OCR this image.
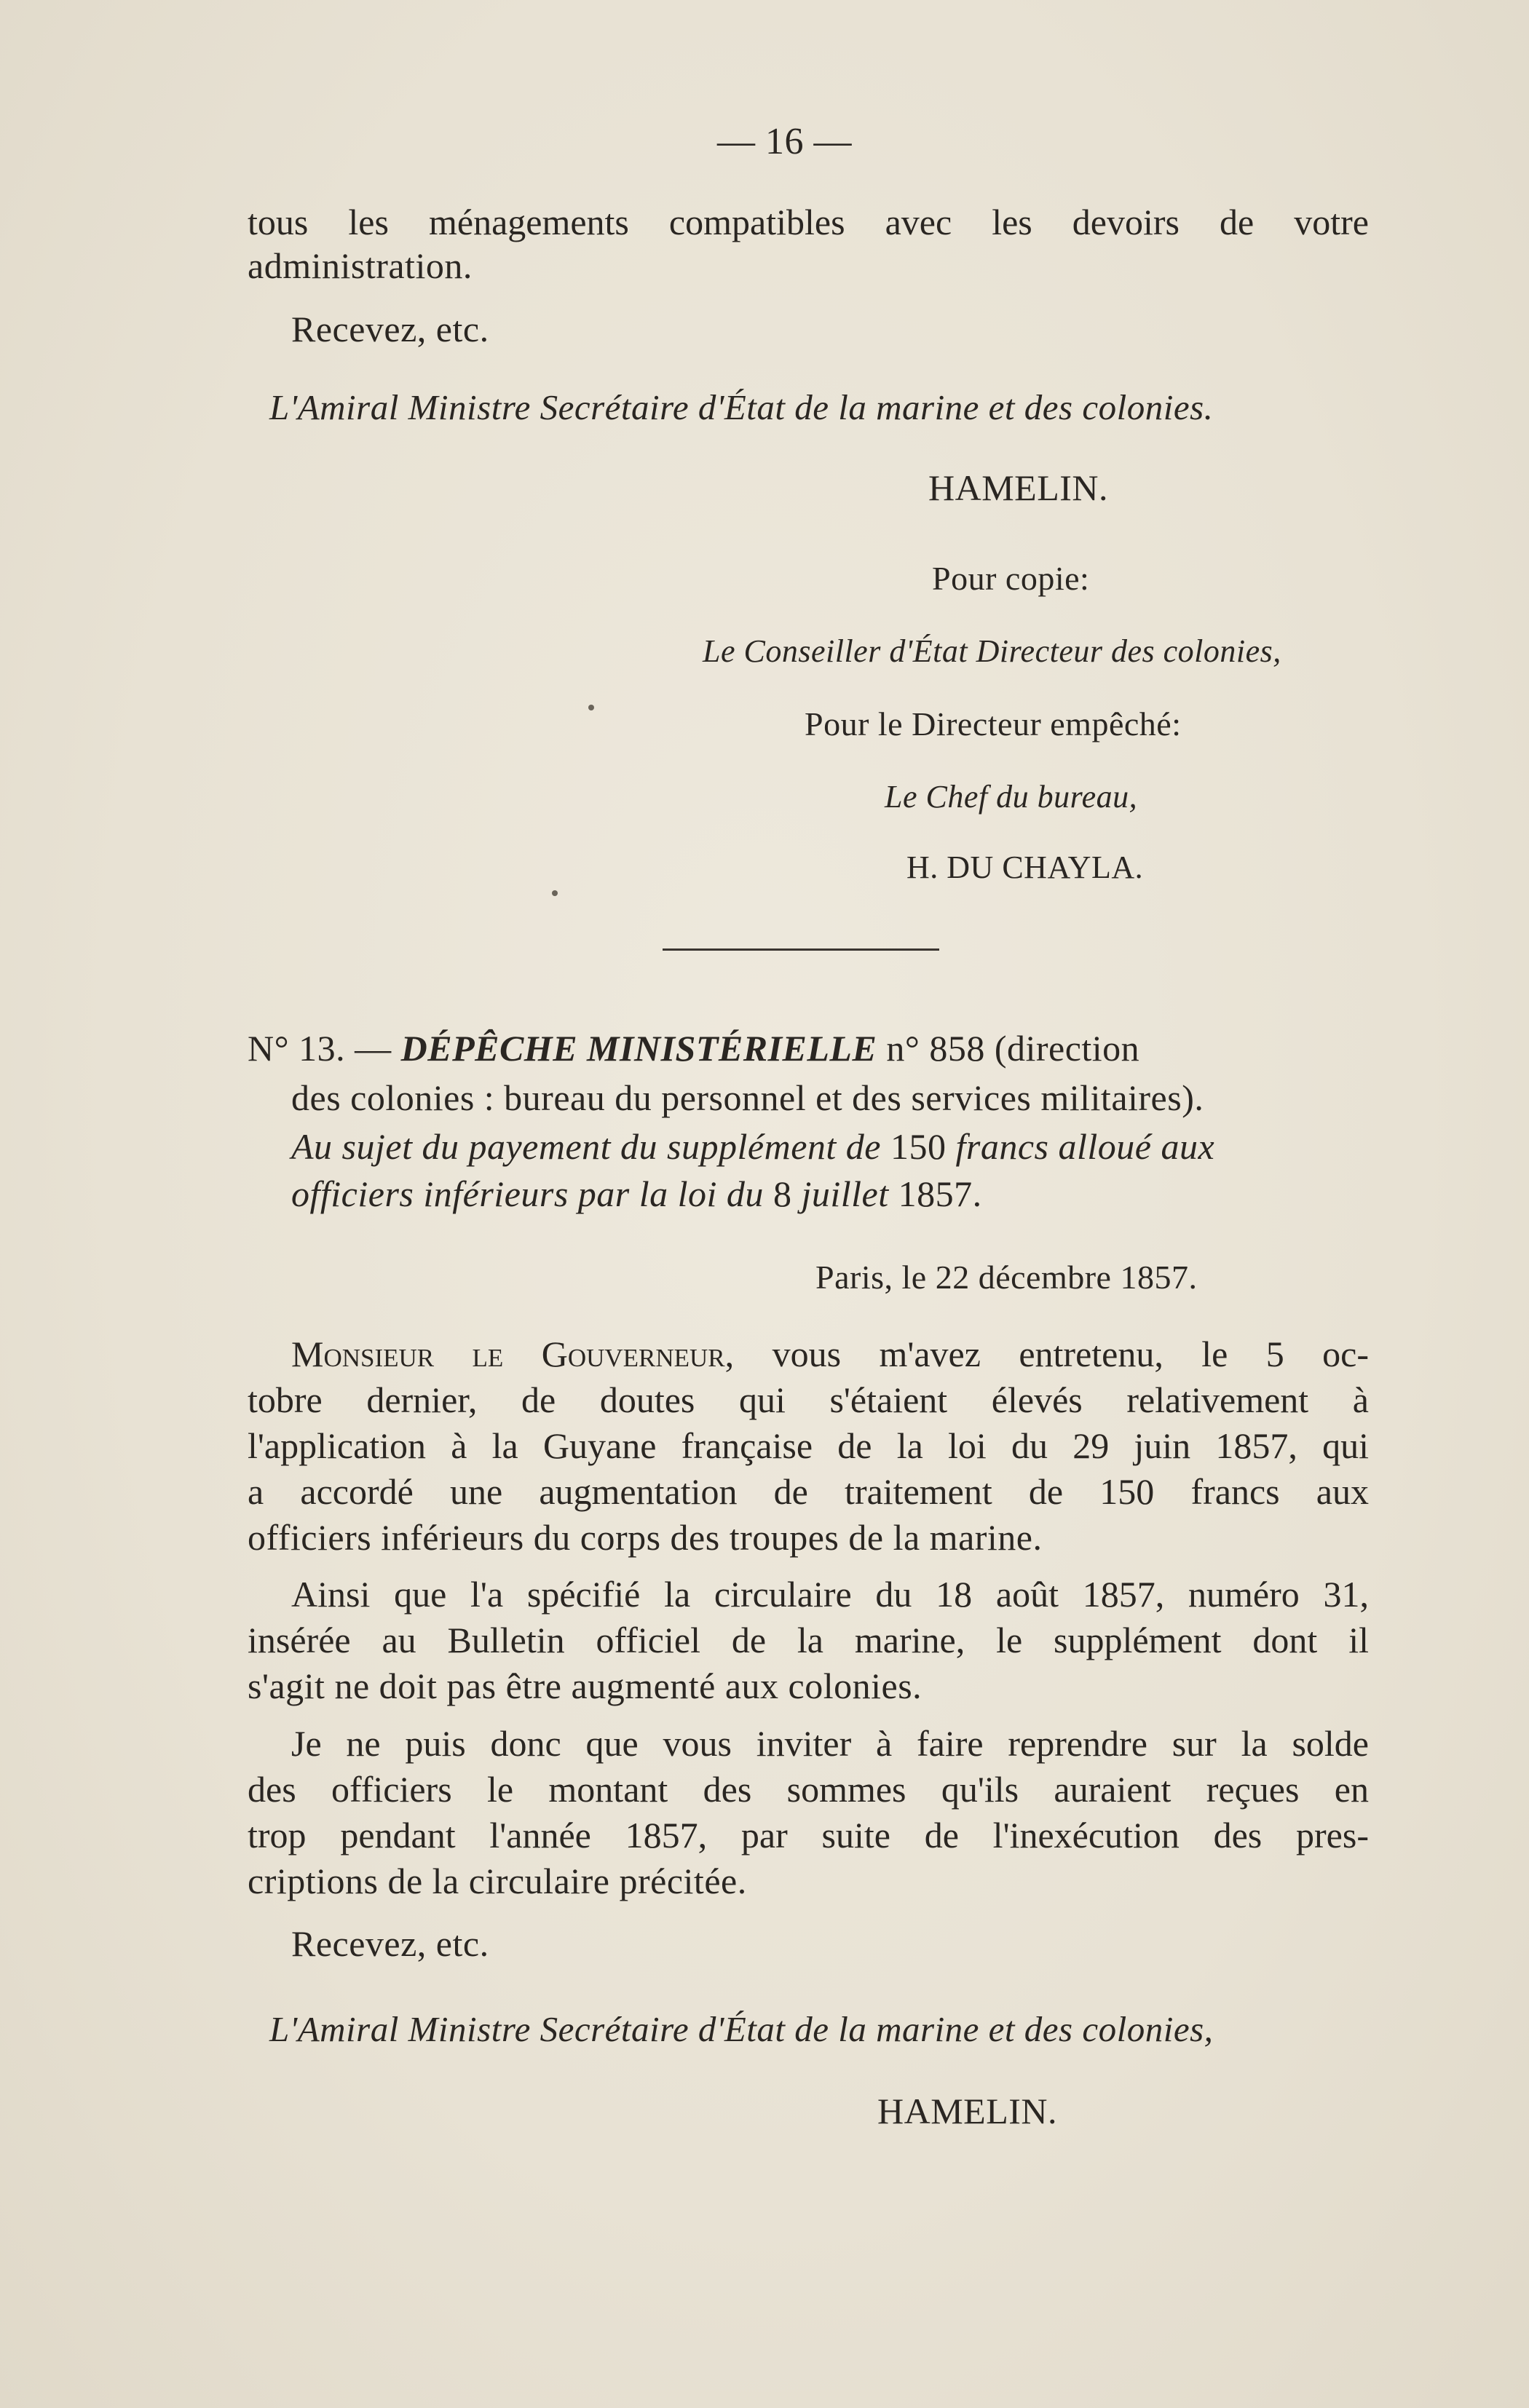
— 16 —
tous les ménagements compatibles avec les devoirs de votre
administration.
Recevez, etc.
L'Amiral Ministre Secrétaire d'État de la marine et des colonies.
HAMELIN.
Pour copie:
Le Conseiller d'État Directeur des colonies,
Pour le Directeur empêché:
Le Chef du bureau,
H. DU CHAYLA.
N° 13. — DÉPÊCHE MINISTÉRIELLE n° 858 (direction
des colonies : bureau du personnel et des services militaires).
Au sujet du payement du supplément de 150 francs alloué aux
officiers inférieurs par la loi du 8 juillet 1857.
Paris, le 22 décembre 1857.
Monsieur le Gouverneur, vous m'avez entretenu, le 5 oc-
tobre dernier, de doutes qui s'étaient élevés relativement à
l'application à la Guyane française de la loi du 29 juin 1857, qui
a accordé une augmentation de traitement de 150 francs aux
officiers inférieurs du corps des troupes de la marine.
Ainsi que l'a spécifié la circulaire du 18 août 1857, numéro 31,
insérée au Bulletin officiel de la marine, le supplément dont il
s'agit ne doit pas être augmenté aux colonies.
Je ne puis donc que vous inviter à faire reprendre sur la solde
des officiers le montant des sommes qu'ils auraient reçues en
trop pendant l'année 1857, par suite de l'inexécution des pres-
criptions de la circulaire précitée.
Recevez, etc.
L'Amiral Ministre Secrétaire d'État de la marine et des colonies,
HAMELIN.
